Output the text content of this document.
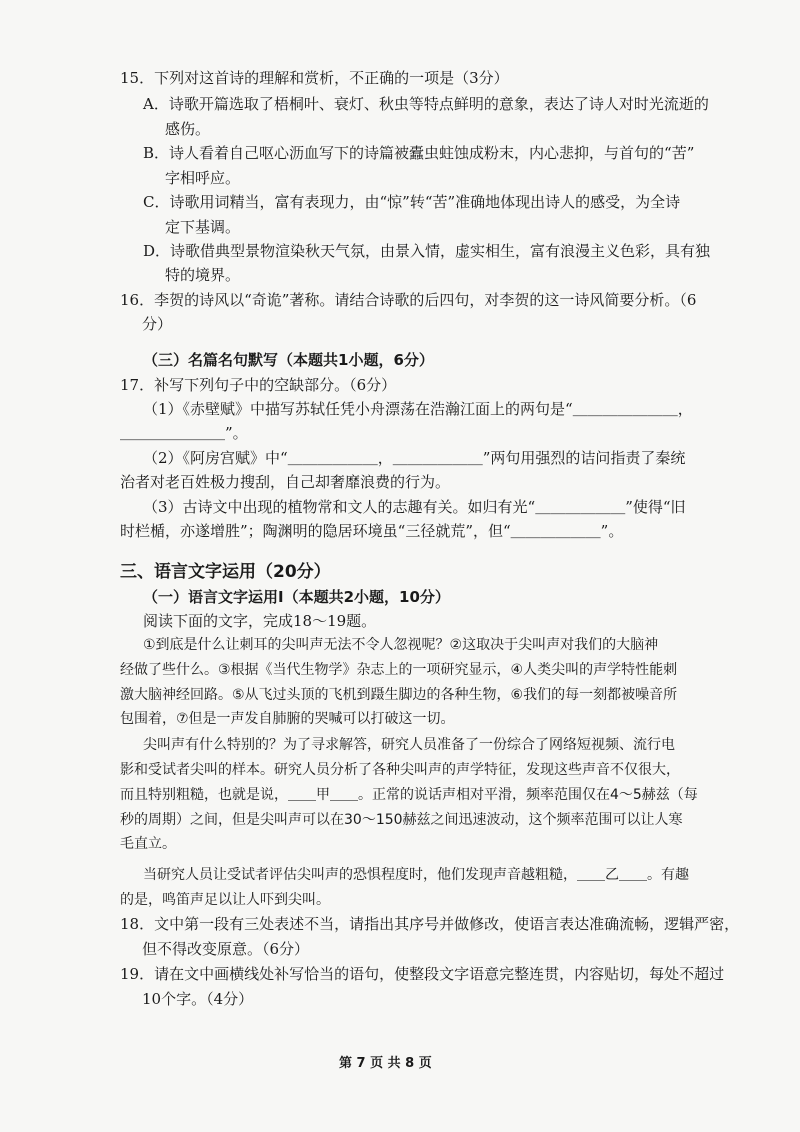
15．下列对这首诗的理解和赏析，不正确的一项是（3分）
A．诗歌开篇选取了梧桐叶、衰灯、秋虫等特点鲜明的意象，表达了诗人对时光流逝的
感伤。
B．诗人看着自己呕心沥血写下的诗篇被蠹虫蛀蚀成粉末，内心悲抑，与首句的“苦”
字相呼应。
C．诗歌用词精当，富有表现力，由“惊”转“苦”准确地体现出诗人的感受，为全诗
定下基调。
D．诗歌借典型景物渲染秋天气氛，由景入情，虚实相生，富有浪漫主义色彩，具有独
特的境界。
16．李贺的诗风以“奇诡”著称。请结合诗歌的后四句，对李贺的这一诗风简要分析。（6
分）
（三）名篇名句默写（本题共1小题，6分）
17．补写下列句子中的空缺部分。（6分）
（1）《赤壁赋》中描写苏轼任凭小舟漂荡在浩瀚江面上的两句是“＿＿＿＿＿＿＿，
＿＿＿＿＿＿＿”。
（2）《阿房宫赋》中“＿＿＿＿＿＿，＿＿＿＿＿＿”两句用强烈的诘问指责了秦统
治者对老百姓极力搜刮，自己却奢靡浪费的行为。
（3）古诗文中出现的植物常和文人的志趣有关。如归有光“＿＿＿＿＿＿”使得“旧
时栏楯，亦遂增胜”；陶渊明的隐居环境虽“三径就荒”，但“＿＿＿＿＿＿”。
三、语言文字运用（20分）
（一）语言文字运用Ⅰ（本题共2小题，10分）
阅读下面的文字，完成18～19题。
①到底是什么让刺耳的尖叫声无法不令人忽视呢？②这取决于尖叫声对我们的大脑神
经做了些什么。③根据《当代生物学》杂志上的一项研究显示，④人类尖叫的声学特性能刺
激大脑神经回路。⑤从飞过头顶的飞机到蹑生脚边的各种生物，⑥我们的每一刻都被噪音所
包围着，⑦但是一声发自肺腑的哭喊可以打破这一切。
尖叫声有什么特别的？为了寻求解答，研究人员准备了一份综合了网络短视频、流行电
影和受试者尖叫的样本。研究人员分析了各种尖叫声的声学特征，发现这些声音不仅很大，
而且特别粗糙，也就是说，＿＿甲＿＿。正常的说话声相对平滑，频率范围仅在4～5赫兹（每
秒的周期）之间，但是尖叫声可以在30～150赫兹之间迅速波动，这个频率范围可以让人寒
毛直立。
当研究人员让受试者评估尖叫声的恐惧程度时，他们发现声音越粗糙，＿＿乙＿＿。有趣
的是，鸣笛声足以让人吓到尖叫。
18．文中第一段有三处表述不当，请指出其序号并做修改，使语言表达准确流畅，逻辑严密，
但不得改变原意。（6分）
19．请在文中画横线处补写恰当的语句，使整段文字语意完整连贯，内容贴切，每处不超过
10个字。（4分）
第 7 页 共 8 页
